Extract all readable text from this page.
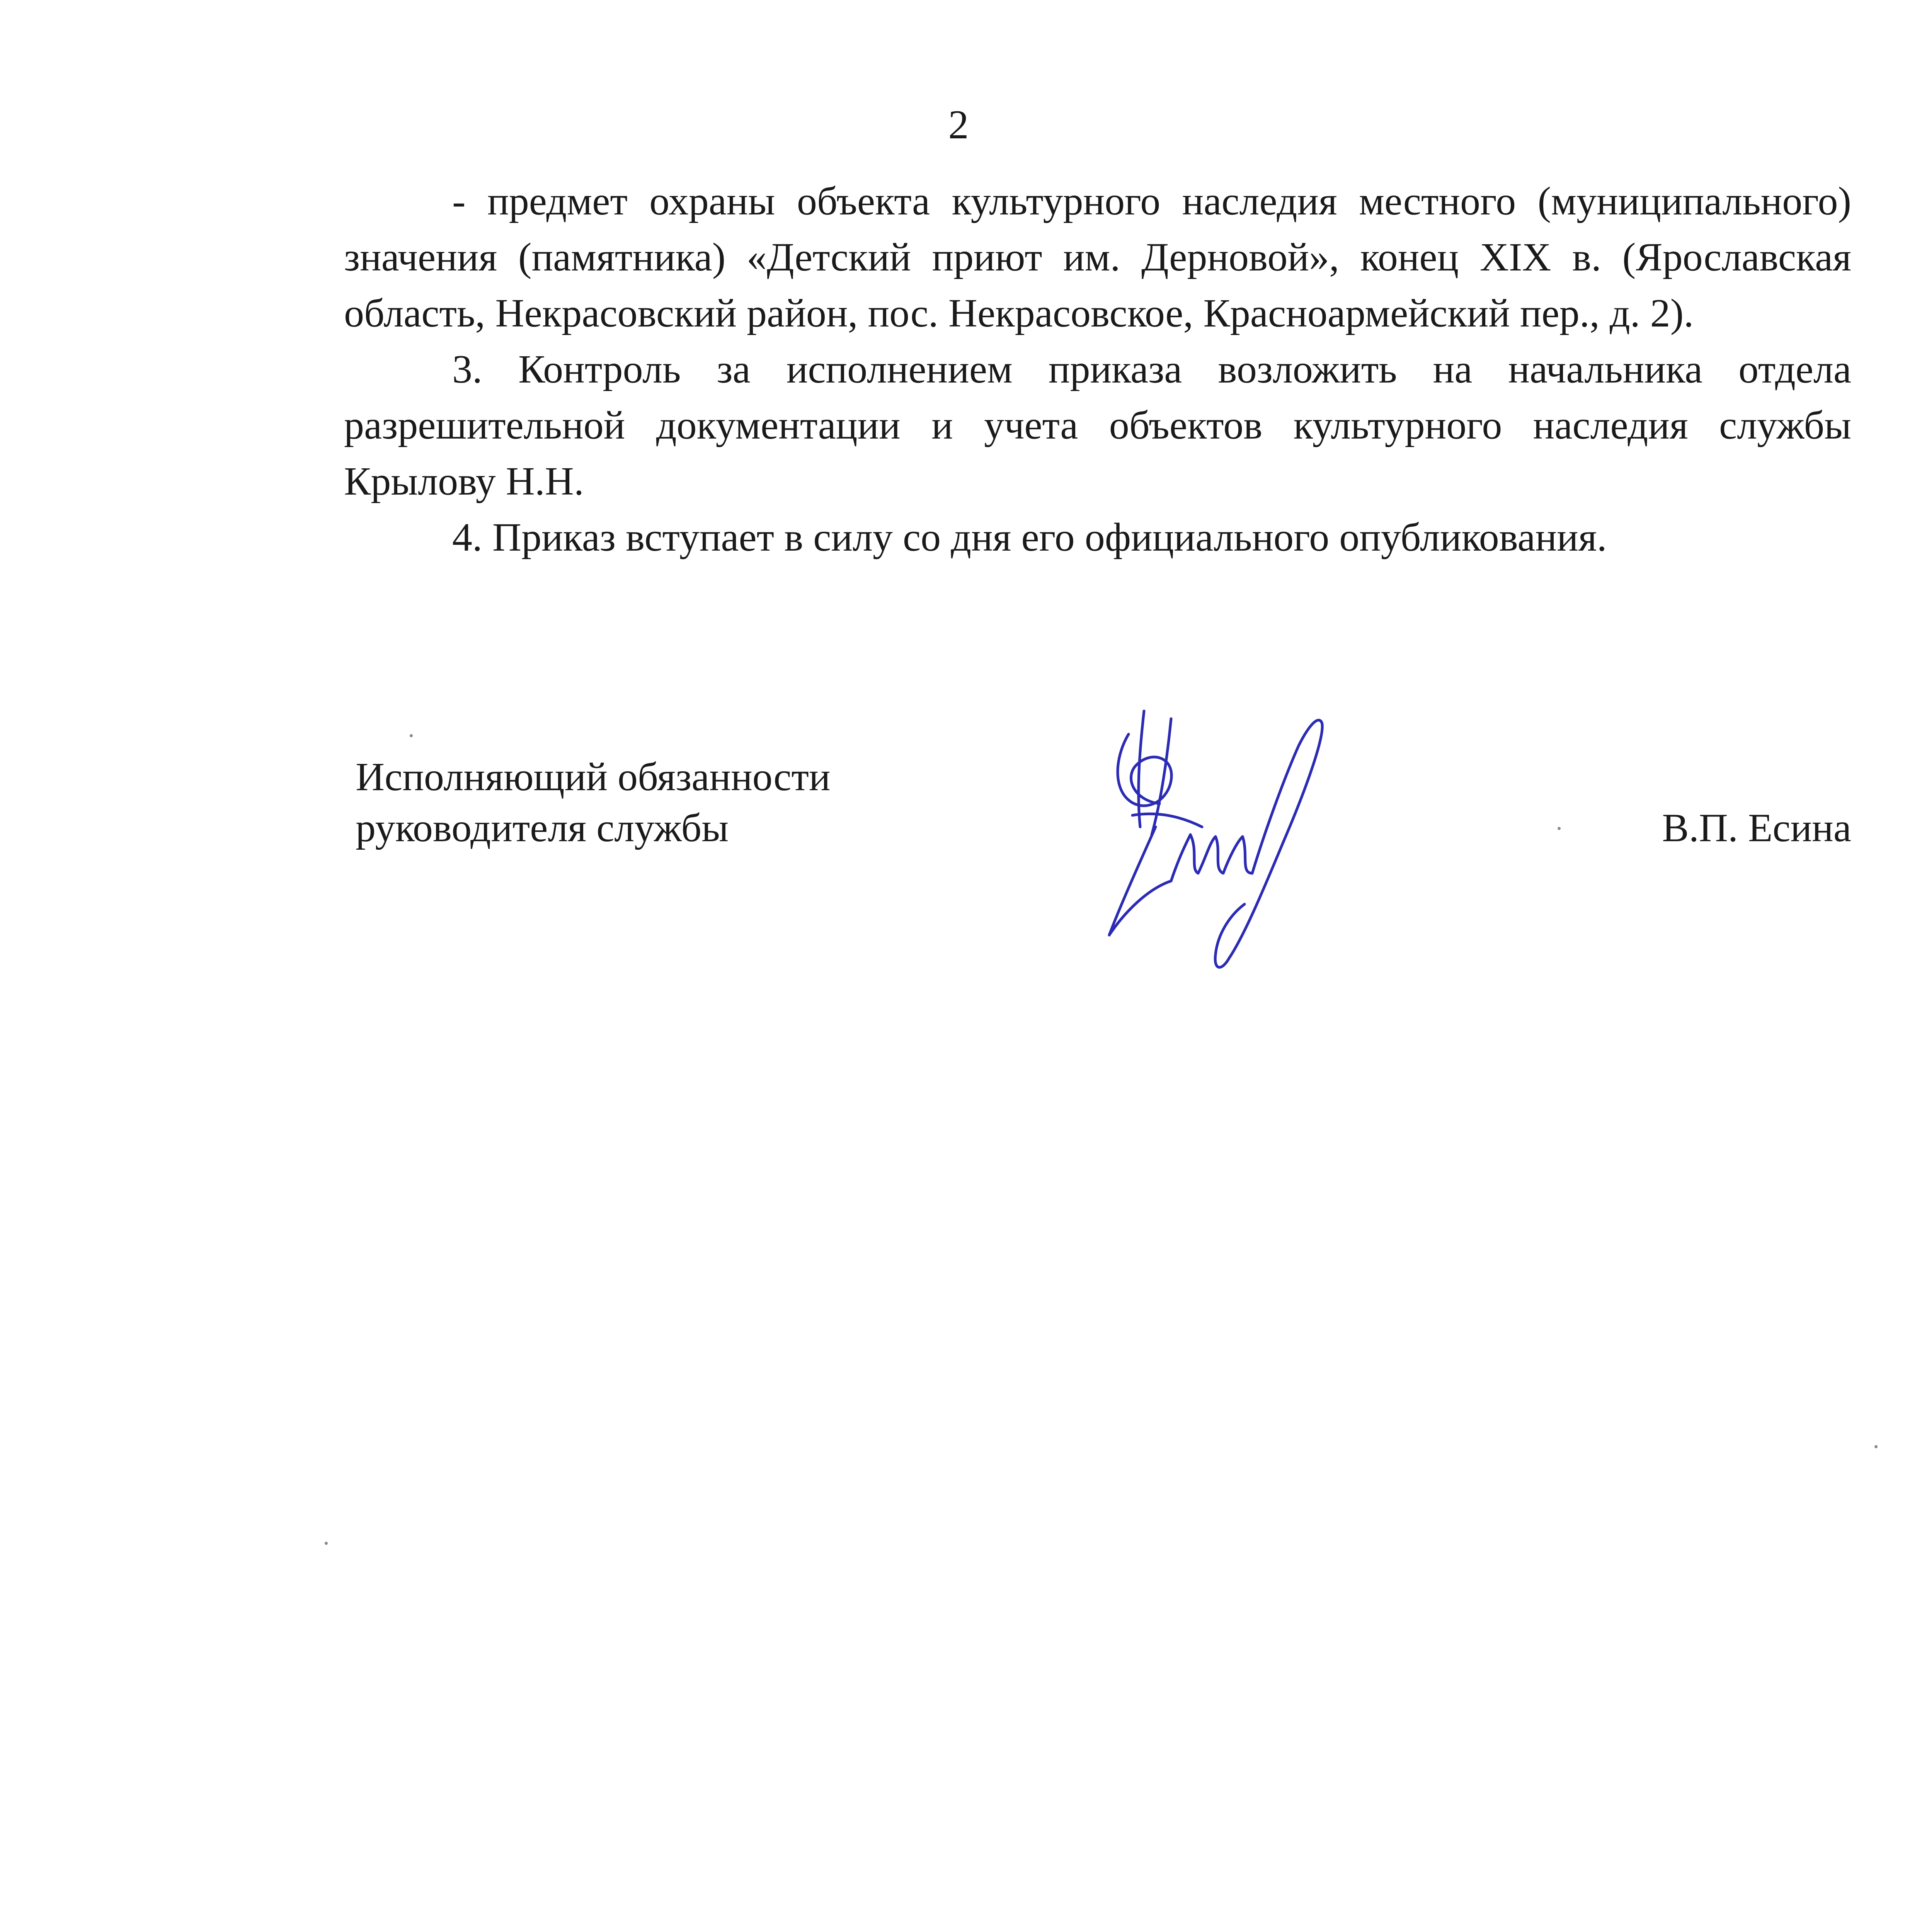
2

- предмет охраны объекта культурного наследия местного (муниципального) значения (памятника) «Детский приют им. Дерновой», конец XIX в. (Ярославская область, Некрасовский район, пос. Некрасовское, Красноармейский пер., д. 2).

3. Контроль за исполнением приказа возложить на начальника отдела разрешительной документации и учета объектов культурного наследия службы Крылову Н.Н.

4. Приказ вступает в силу со дня его официального опубликования.

Исполняющий обязанности
руководителя службы	В.П. Есина
